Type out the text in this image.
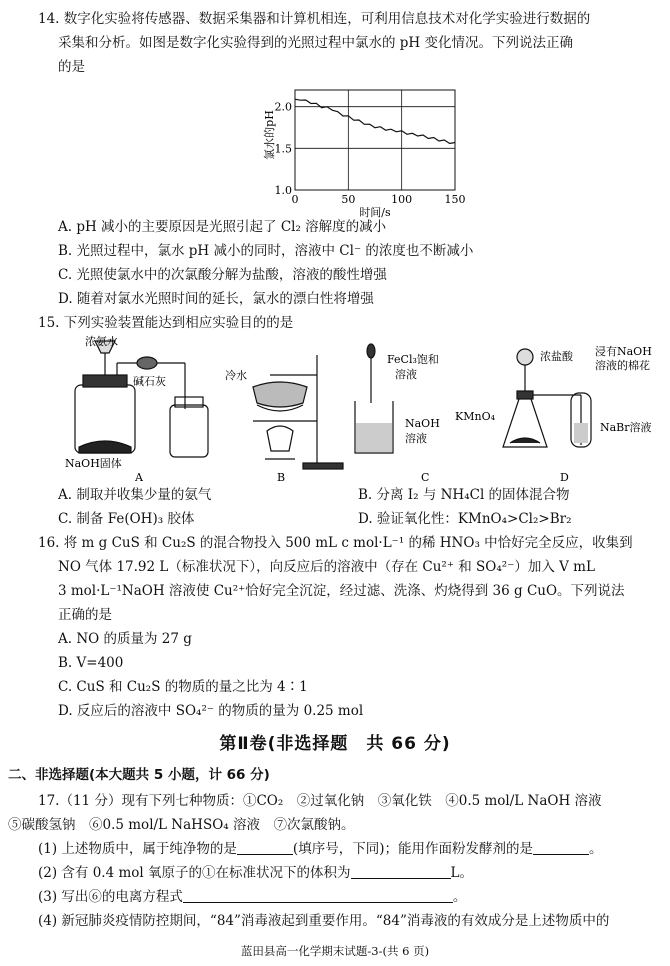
14. 数字化实验将传感器、数据采集器和计算机相连，可利用信息技术对化学实验进行数据的
采集和分析。如图是数字化实验得到的光照过程中氯水的 pH 变化情况。下列说法正确
的是
1.0
1.5
2.0
0	50	100	150
氯水的pH
时间/s
A. pH 减小的主要原因是光照引起了 Cl₂ 溶解度的减小
B. 光照过程中，氯水 pH 减小的同时，溶液中 Cl⁻ 的浓度也不断减小
C. 光照使氯水中的次氯酸分解为盐酸，溶液的酸性增强
D. 随着对氯水光照时间的延长，氯水的漂白性将增强
15. 下列实验装置能达到相应实验目的的是
浓氨水
碱石灰
NaOH固体
A
冷水
B
FeCl₃饱和
溶液
NaOH
溶液
C
浓盐酸 浸有NaOH
溶液的棉花
KMnO₄
NaBr溶液
D
A. 制取并收集少量的氨气	B. 分离 I₂ 与 NH₄Cl 的固体混合物
C. 制备 Fe(OH)₃ 胶体	D. 验证氧化性：KMnO₄>Cl₂>Br₂
16. 将 m g CuS 和 Cu₂S 的混合物投入 500 mL c mol·L⁻¹ 的稀 HNO₃ 中恰好完全反应，收集到
NO 气体 17.92 L（标准状况下），向反应后的溶液中（存在 Cu²⁺ 和 SO₄²⁻）加入 V mL
3 mol·L⁻¹NaOH 溶液使 Cu²⁺恰好完全沉淀，经过滤、洗涤、灼烧得到 36 g CuO。下列说法
正确的是
A. NO 的质量为 27 g
B. V=400
C. CuS 和 Cu₂S 的物质的量之比为 4∶1
D. 反应后的溶液中 SO₄²⁻ 的物质的量为 0.25 mol
第Ⅱ卷(非选择题　共 66 分)
二、非选择题(本大题共 5 小题，计 66 分)
17.（11 分）现有下列七种物质：①CO₂　②过氧化钠　③氧化铁　④0.5 mol/L NaOH 溶液
⑤碳酸氢钠　⑥0.5 mol/L NaHSO₄ 溶液　⑦次氯酸钠。
(1) 上述物质中，属于纯净物的是	(填序号，下同)；能用作面粉发酵剂的是	。
(2) 含有 0.4 mol 氧原子的①在标准状况下的体积为	L。
(3) 写出⑥的电离方程式	。
(4) 新冠肺炎疫情防控期间，“84”消毒液起到重要作用。“84”消毒液的有效成分是上述物质中的
蓝田县高一化学期末试题-3-(共 6 页)
